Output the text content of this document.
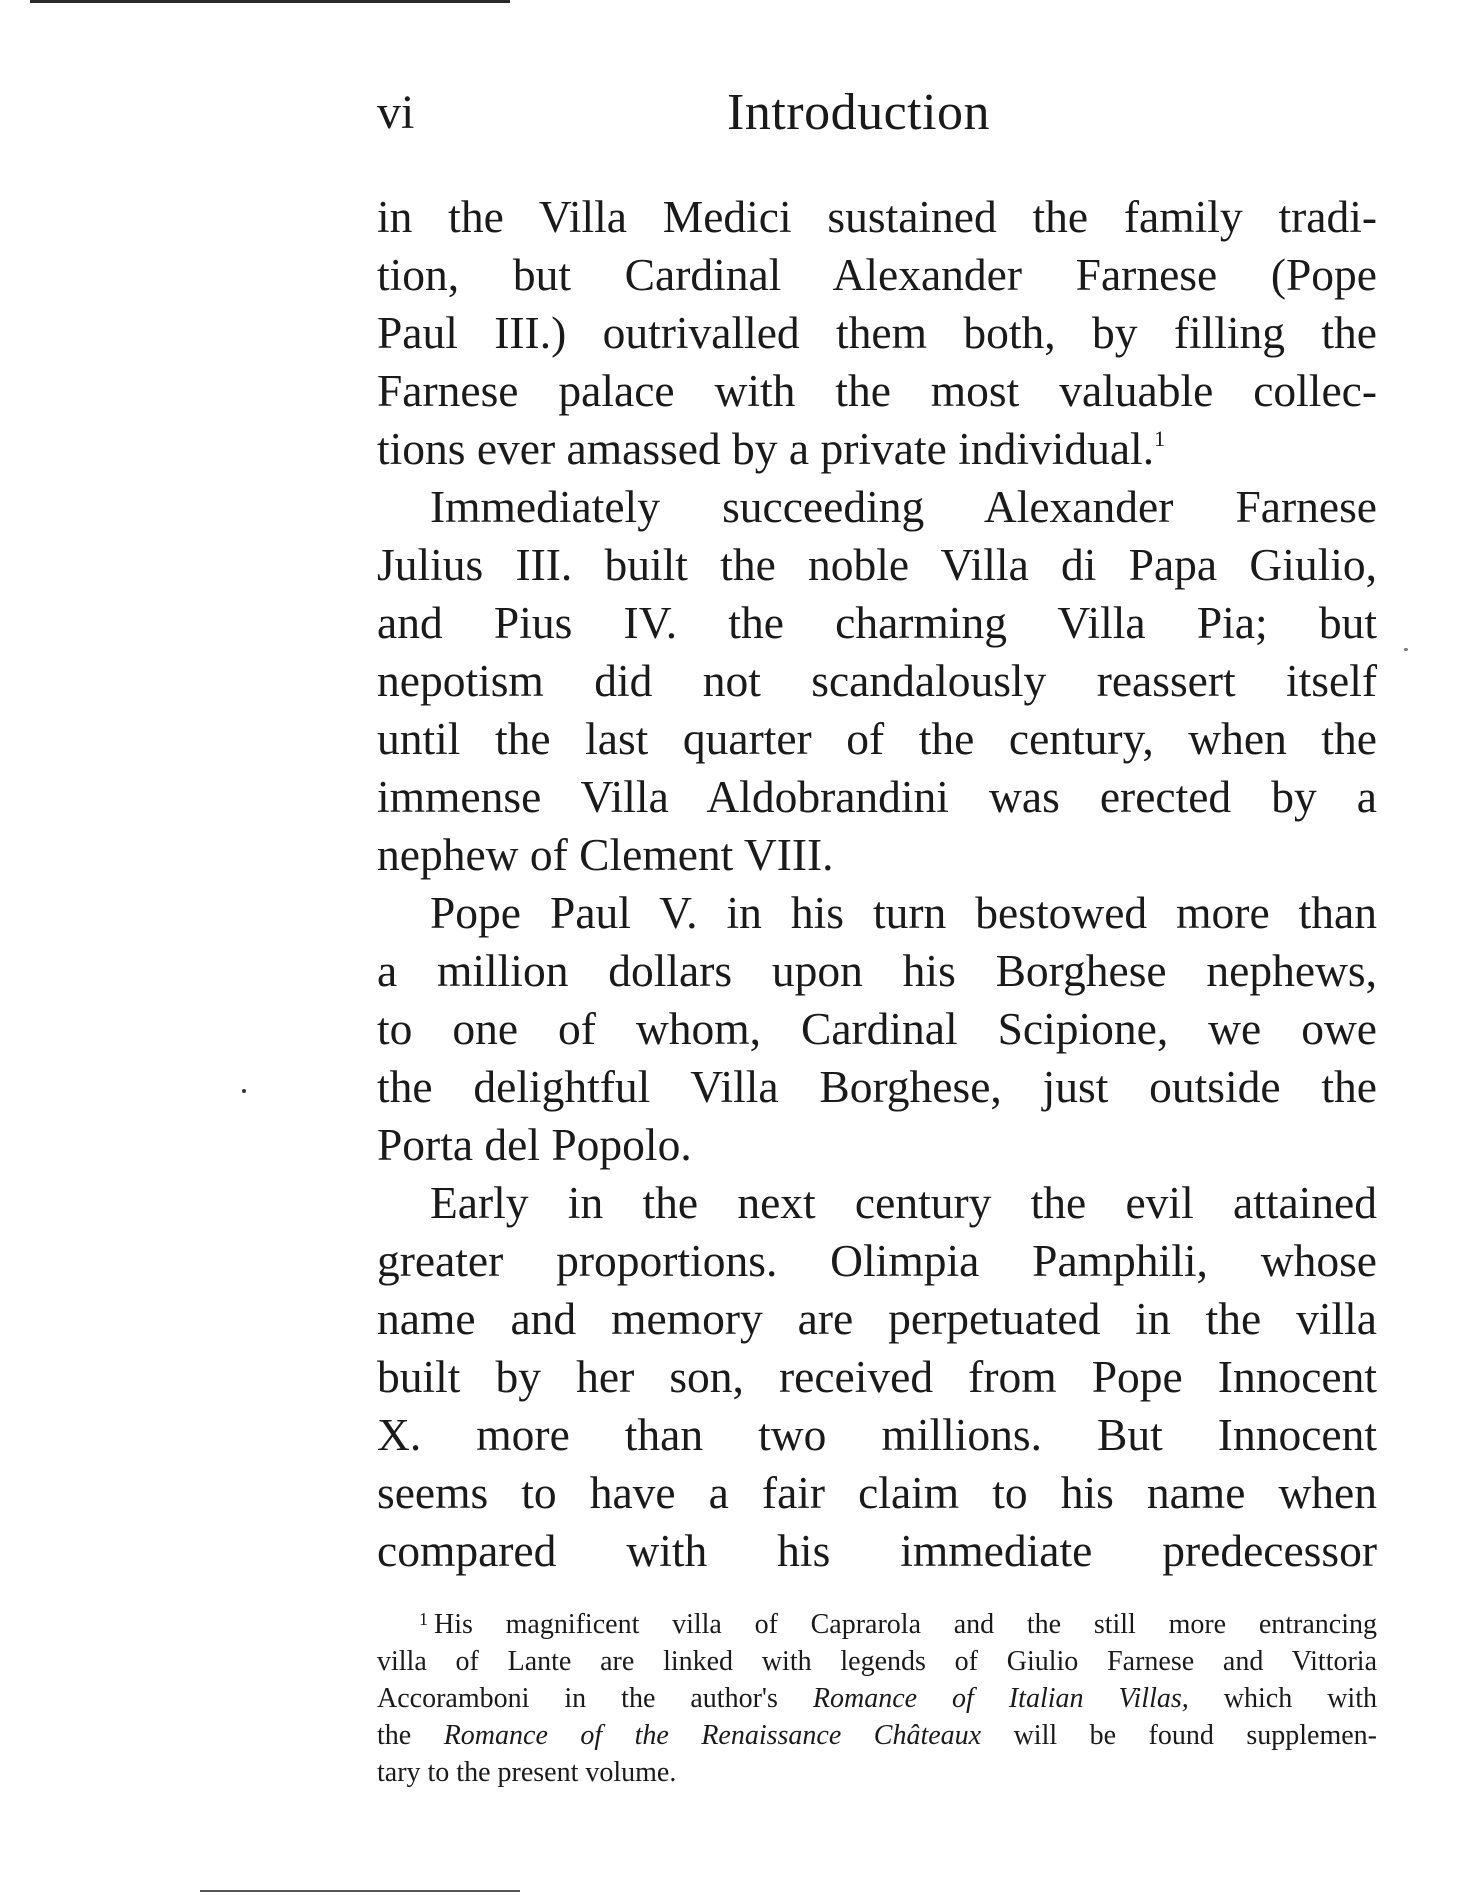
vi	Introduction
in the Villa Medici sustained the family tradi-
tion, but Cardinal Alexander Farnese (Pope
Paul III.) outrivalled them both, by filling the
Farnese palace with the most valuable collec-
tions ever amassed by a private individual.$^1$
Immediately succeeding Alexander Farnese
Julius III. built the noble Villa di Papa Giulio,
and Pius IV. the charming Villa Pia; but
nepotism did not scandalously reassert itself
until the last quarter of the century, when the
immense Villa Aldobrandini was erected by a
nephew of Clement VIII.
Pope Paul V. in his turn bestowed more than
a million dollars upon his Borghese nephews,
to one of whom, Cardinal Scipione, we owe
the delightful Villa Borghese, just outside the
Porta del Popolo.
Early in the next century the evil attained
greater proportions. Olimpia Pamphili, whose
name and memory are perpetuated in the villa
built by her son, received from Pope Innocent
X. more than two millions. But Innocent
seems to have a fair claim to his name when
compared with his immediate predecessor
$^1$ His magnificent villa of Caprarola and the still more entrancing
villa of Lante are linked with legends of Giulio Farnese and Vittoria
Accoramboni in the author's Romance of Italian Villas, which with
the Romance of the Renaissance Châteaux will be found supplemen-
tary to the present volume.
